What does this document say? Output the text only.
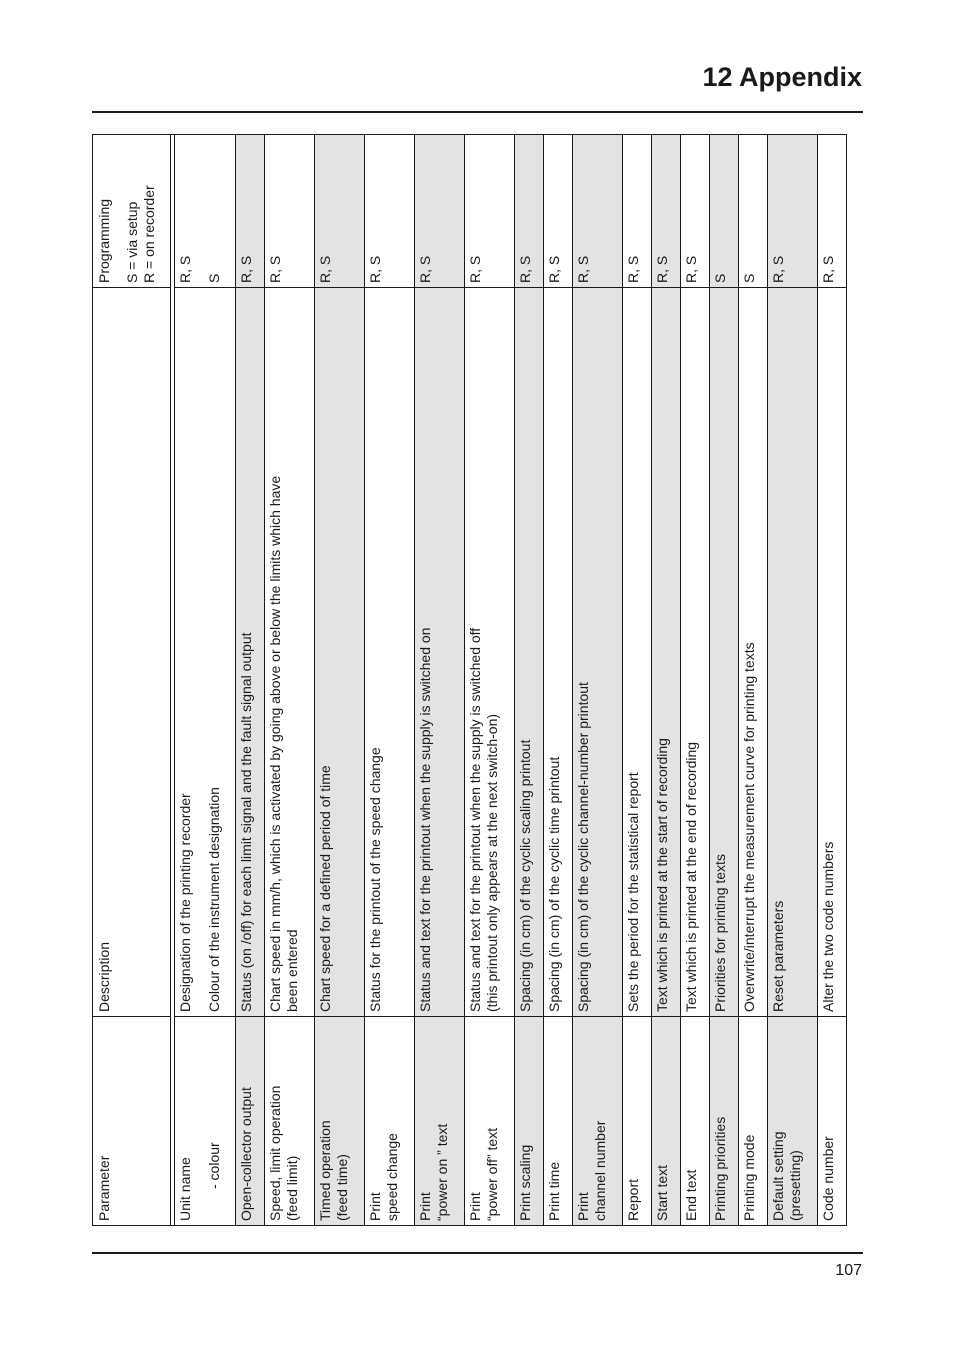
12 Appendix
Parameter
Description
Programming S = via setup R = on recorder
Unit name - colour
Designation of the printing recorder Colour of the instrument designation
R, S S
Open-collector output
Status (on /off) for each limit signal and the fault signal output
R, S
Speed, limit operation (feed limit)
Chart speed in mm/h, which is activated by going above or below the limits which have been entered
R, S
Timed operation (feed time)
Chart speed for a defined period of time
R, S
Print speed change
Status for the printout of the speed change
R, S
Print “power on ” text
Status and text for the printout when the supply is switched on
R, S
Print “power off” text
Status and text for the printout when the supply is switched off (this printout only appears at the next switch-on)
R, S
Print scaling
Spacing (in cm) of the cyclic scaling printout
R, S
Print time
Spacing (in cm) of the cyclic time printout
R, S
Print channel number
Spacing (in cm) of the cyclic channel-number printout
R, S
Report
Sets the period for the statistical report
R, S
Start text
Text which is printed at the start of recording
R, S
End text
Text which is printed at the end of recording
R, S
Printing priorities
Priorities for printing texts
S
Printing mode
Overwrite/interrupt the measurement curve for printing texts
S
Default setting (presetting)
Reset parameters
R, S
Code number
Alter the two code numbers
R, S
107
